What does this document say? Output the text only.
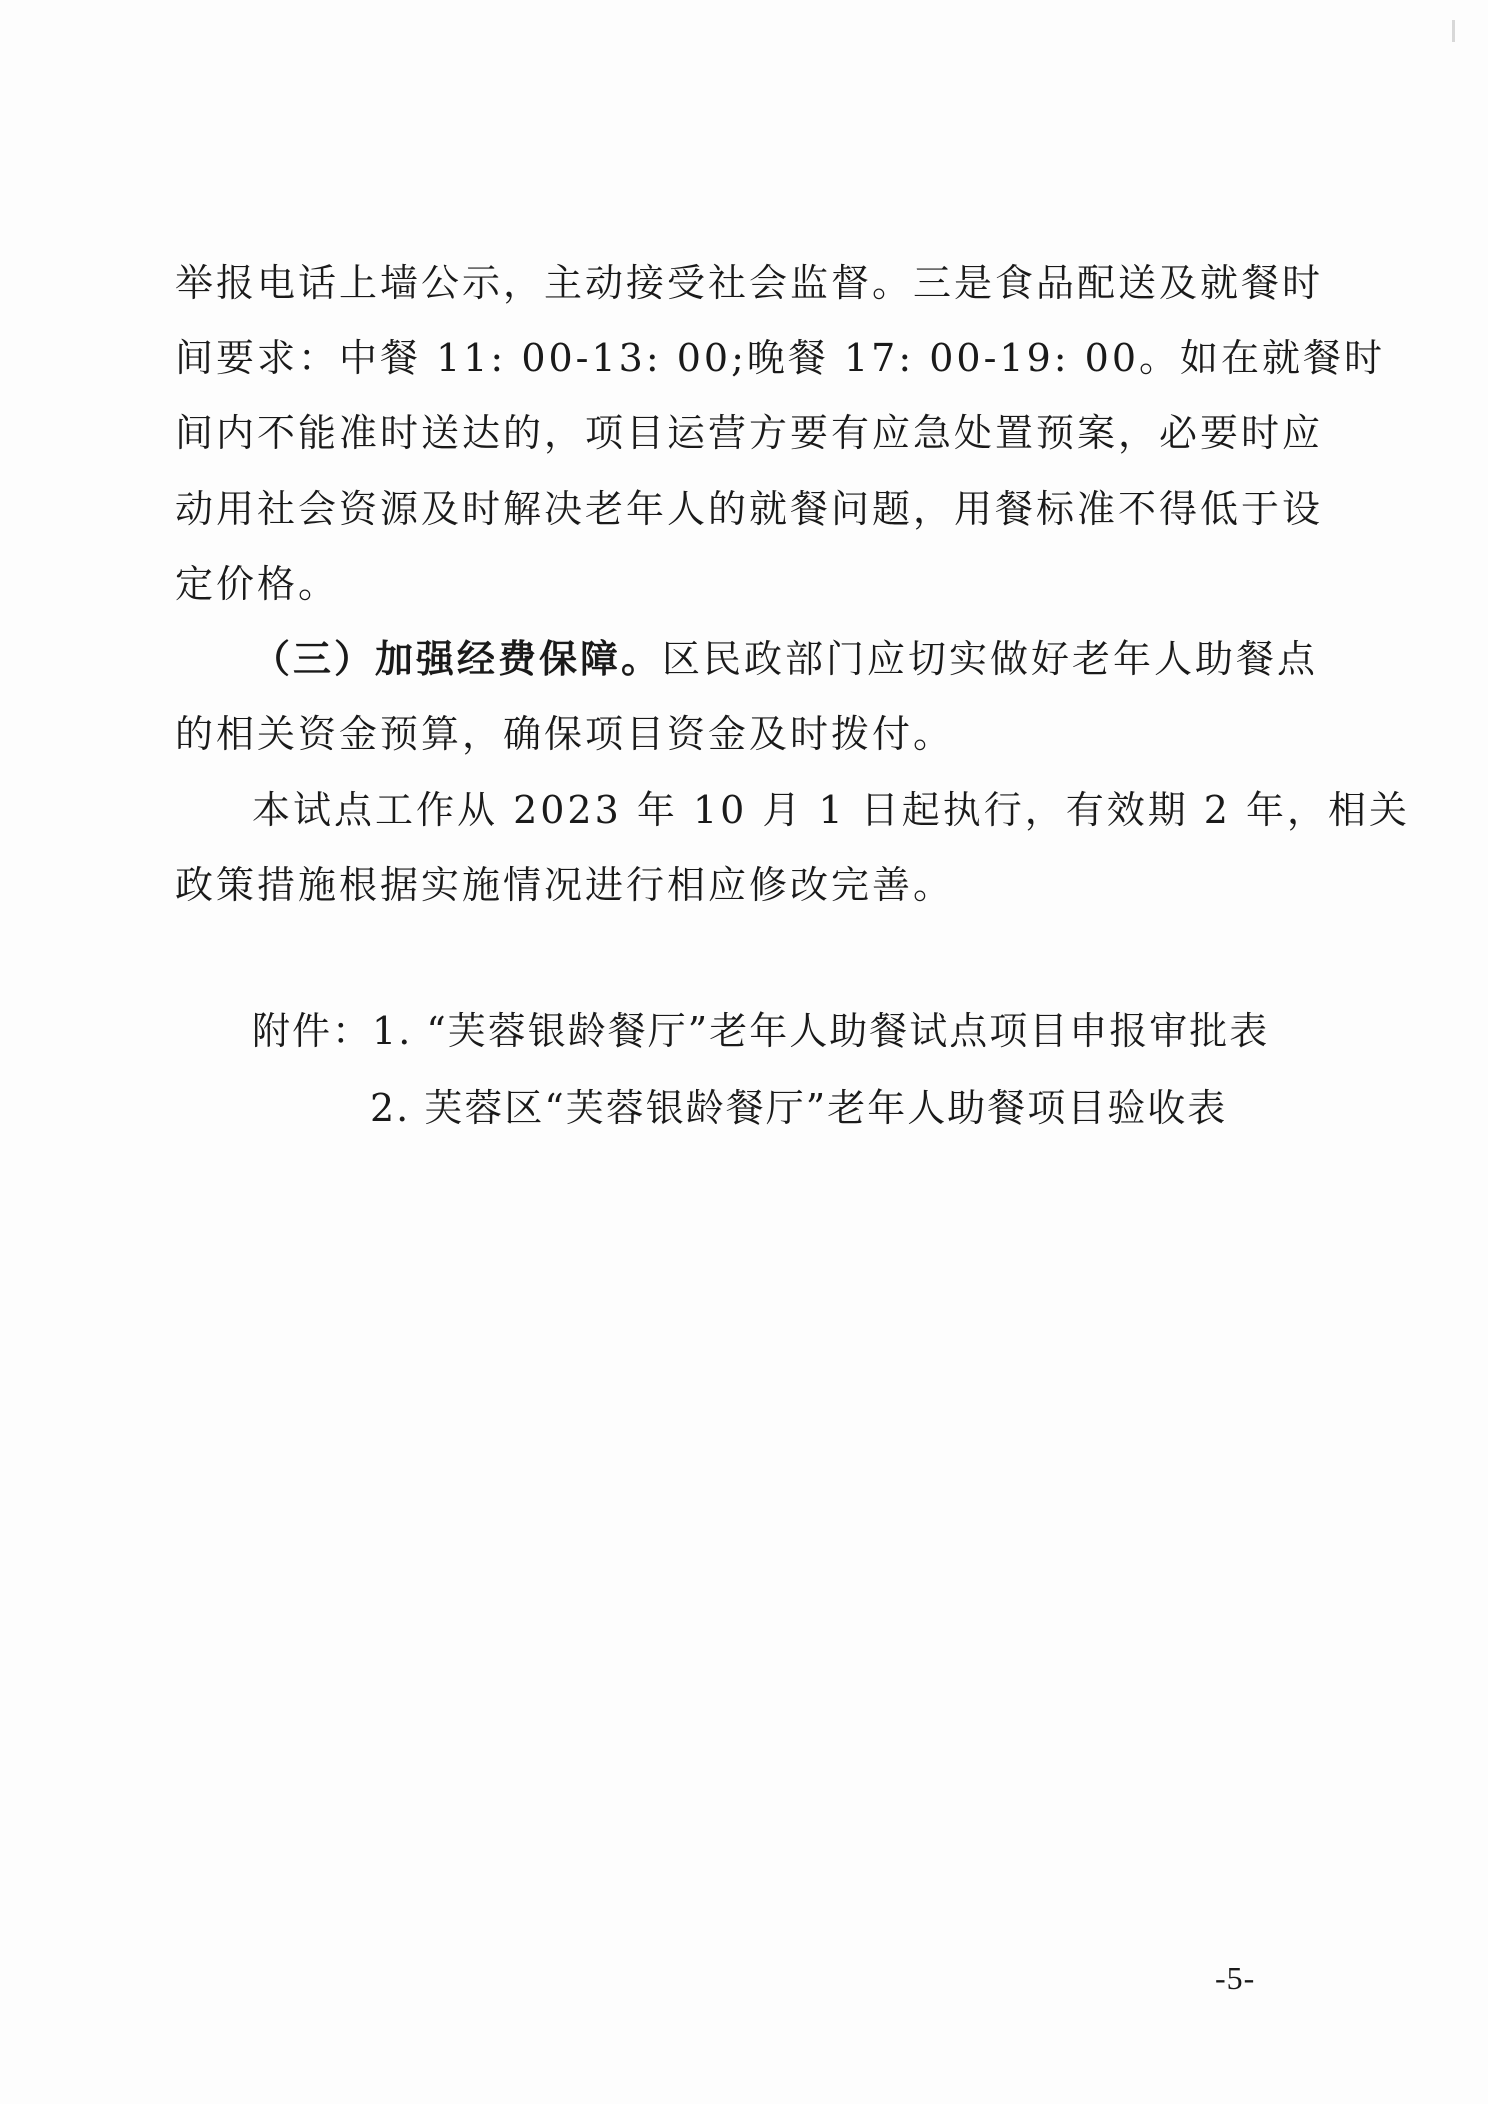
举报电话上墙公示，主动接受社会监督。三是食品配送及就餐时
间要求：中餐 11: 00-13: 00;晚餐 17: 00-19: 00。如在就餐时
间内不能准时送达的，项目运营方要有应急处置预案，必要时应
动用社会资源及时解决老年人的就餐问题，用餐标准不得低于设
定价格。
（三）加强经费保障。区民政部门应切实做好老年人助餐点
的相关资金预算，确保项目资金及时拨付。
本试点工作从 2023 年 10 月 1 日起执行，有效期 2 年，相关
政策措施根据实施情况进行相应修改完善。
附件：1. “芙蓉银龄餐厅”老年人助餐试点项目申报审批表
2. 芙蓉区“芙蓉银龄餐厅”老年人助餐项目验收表
-5-
